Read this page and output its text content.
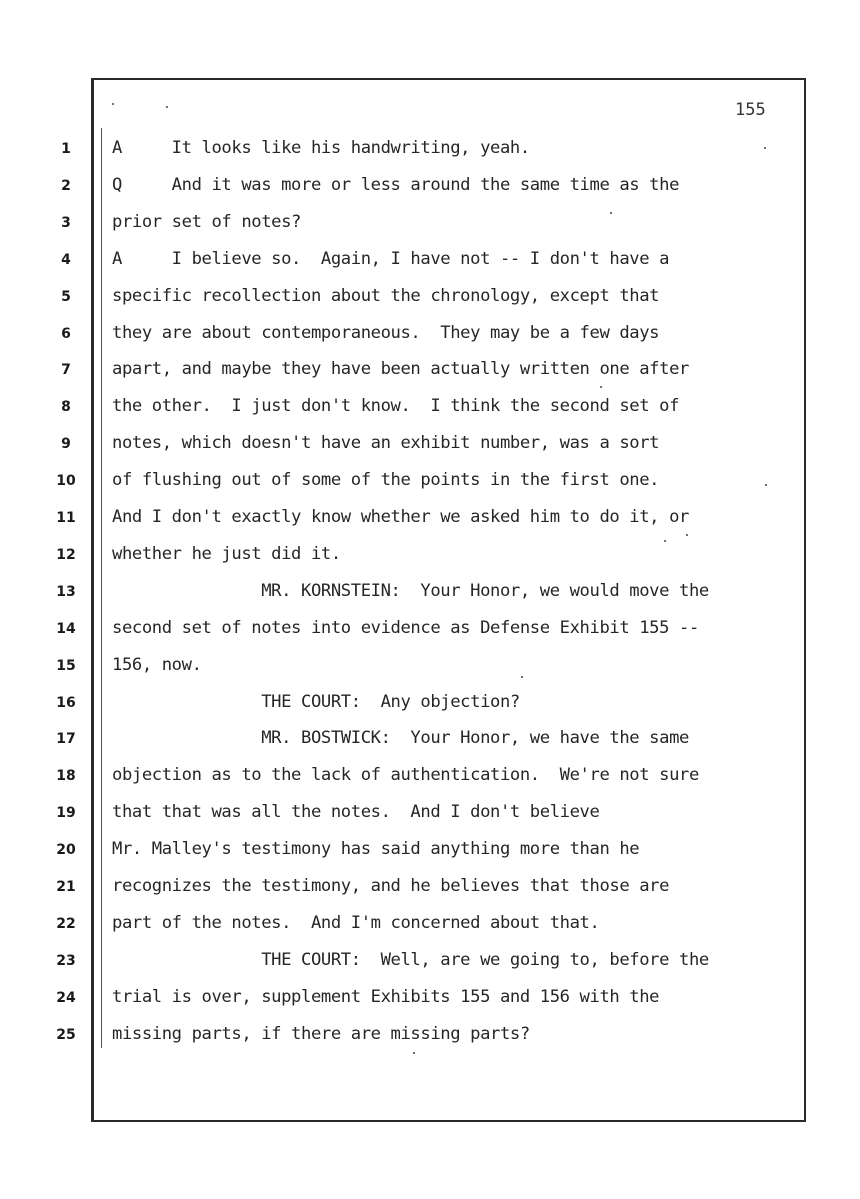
155
1	A     It looks like his handwriting, yeah.
2	Q     And it was more or less around the same time as the
3	prior set of notes?
4	A     I believe so.  Again, I have not -- I don't have a
5	specific recollection about the chronology, except that
6	they are about contemporaneous.  They may be a few days
7	apart, and maybe they have been actually written one after
8	the other.  I just don't know.  I think the second set of
9	notes, which doesn't have an exhibit number, was a sort
10	of flushing out of some of the points in the first one.
11	And I don't exactly know whether we asked him to do it, or
12	whether he just did it.
13	MR. KORNSTEIN:  Your Honor, we would move the
14	second set of notes into evidence as Defense Exhibit 155 --
15	156, now.
16	THE COURT:  Any objection?
17	MR. BOSTWICK:  Your Honor, we have the same
18	objection as to the lack of authentication.  We're not sure
19	that that was all the notes.  And I don't believe
20	Mr. Malley's testimony has said anything more than he
21	recognizes the testimony, and he believes that those are
22	part of the notes.  And I'm concerned about that.
23	THE COURT:  Well, are we going to, before the
24	trial is over, supplement Exhibits 155 and 156 with the
25	missing parts, if there are missing parts?
